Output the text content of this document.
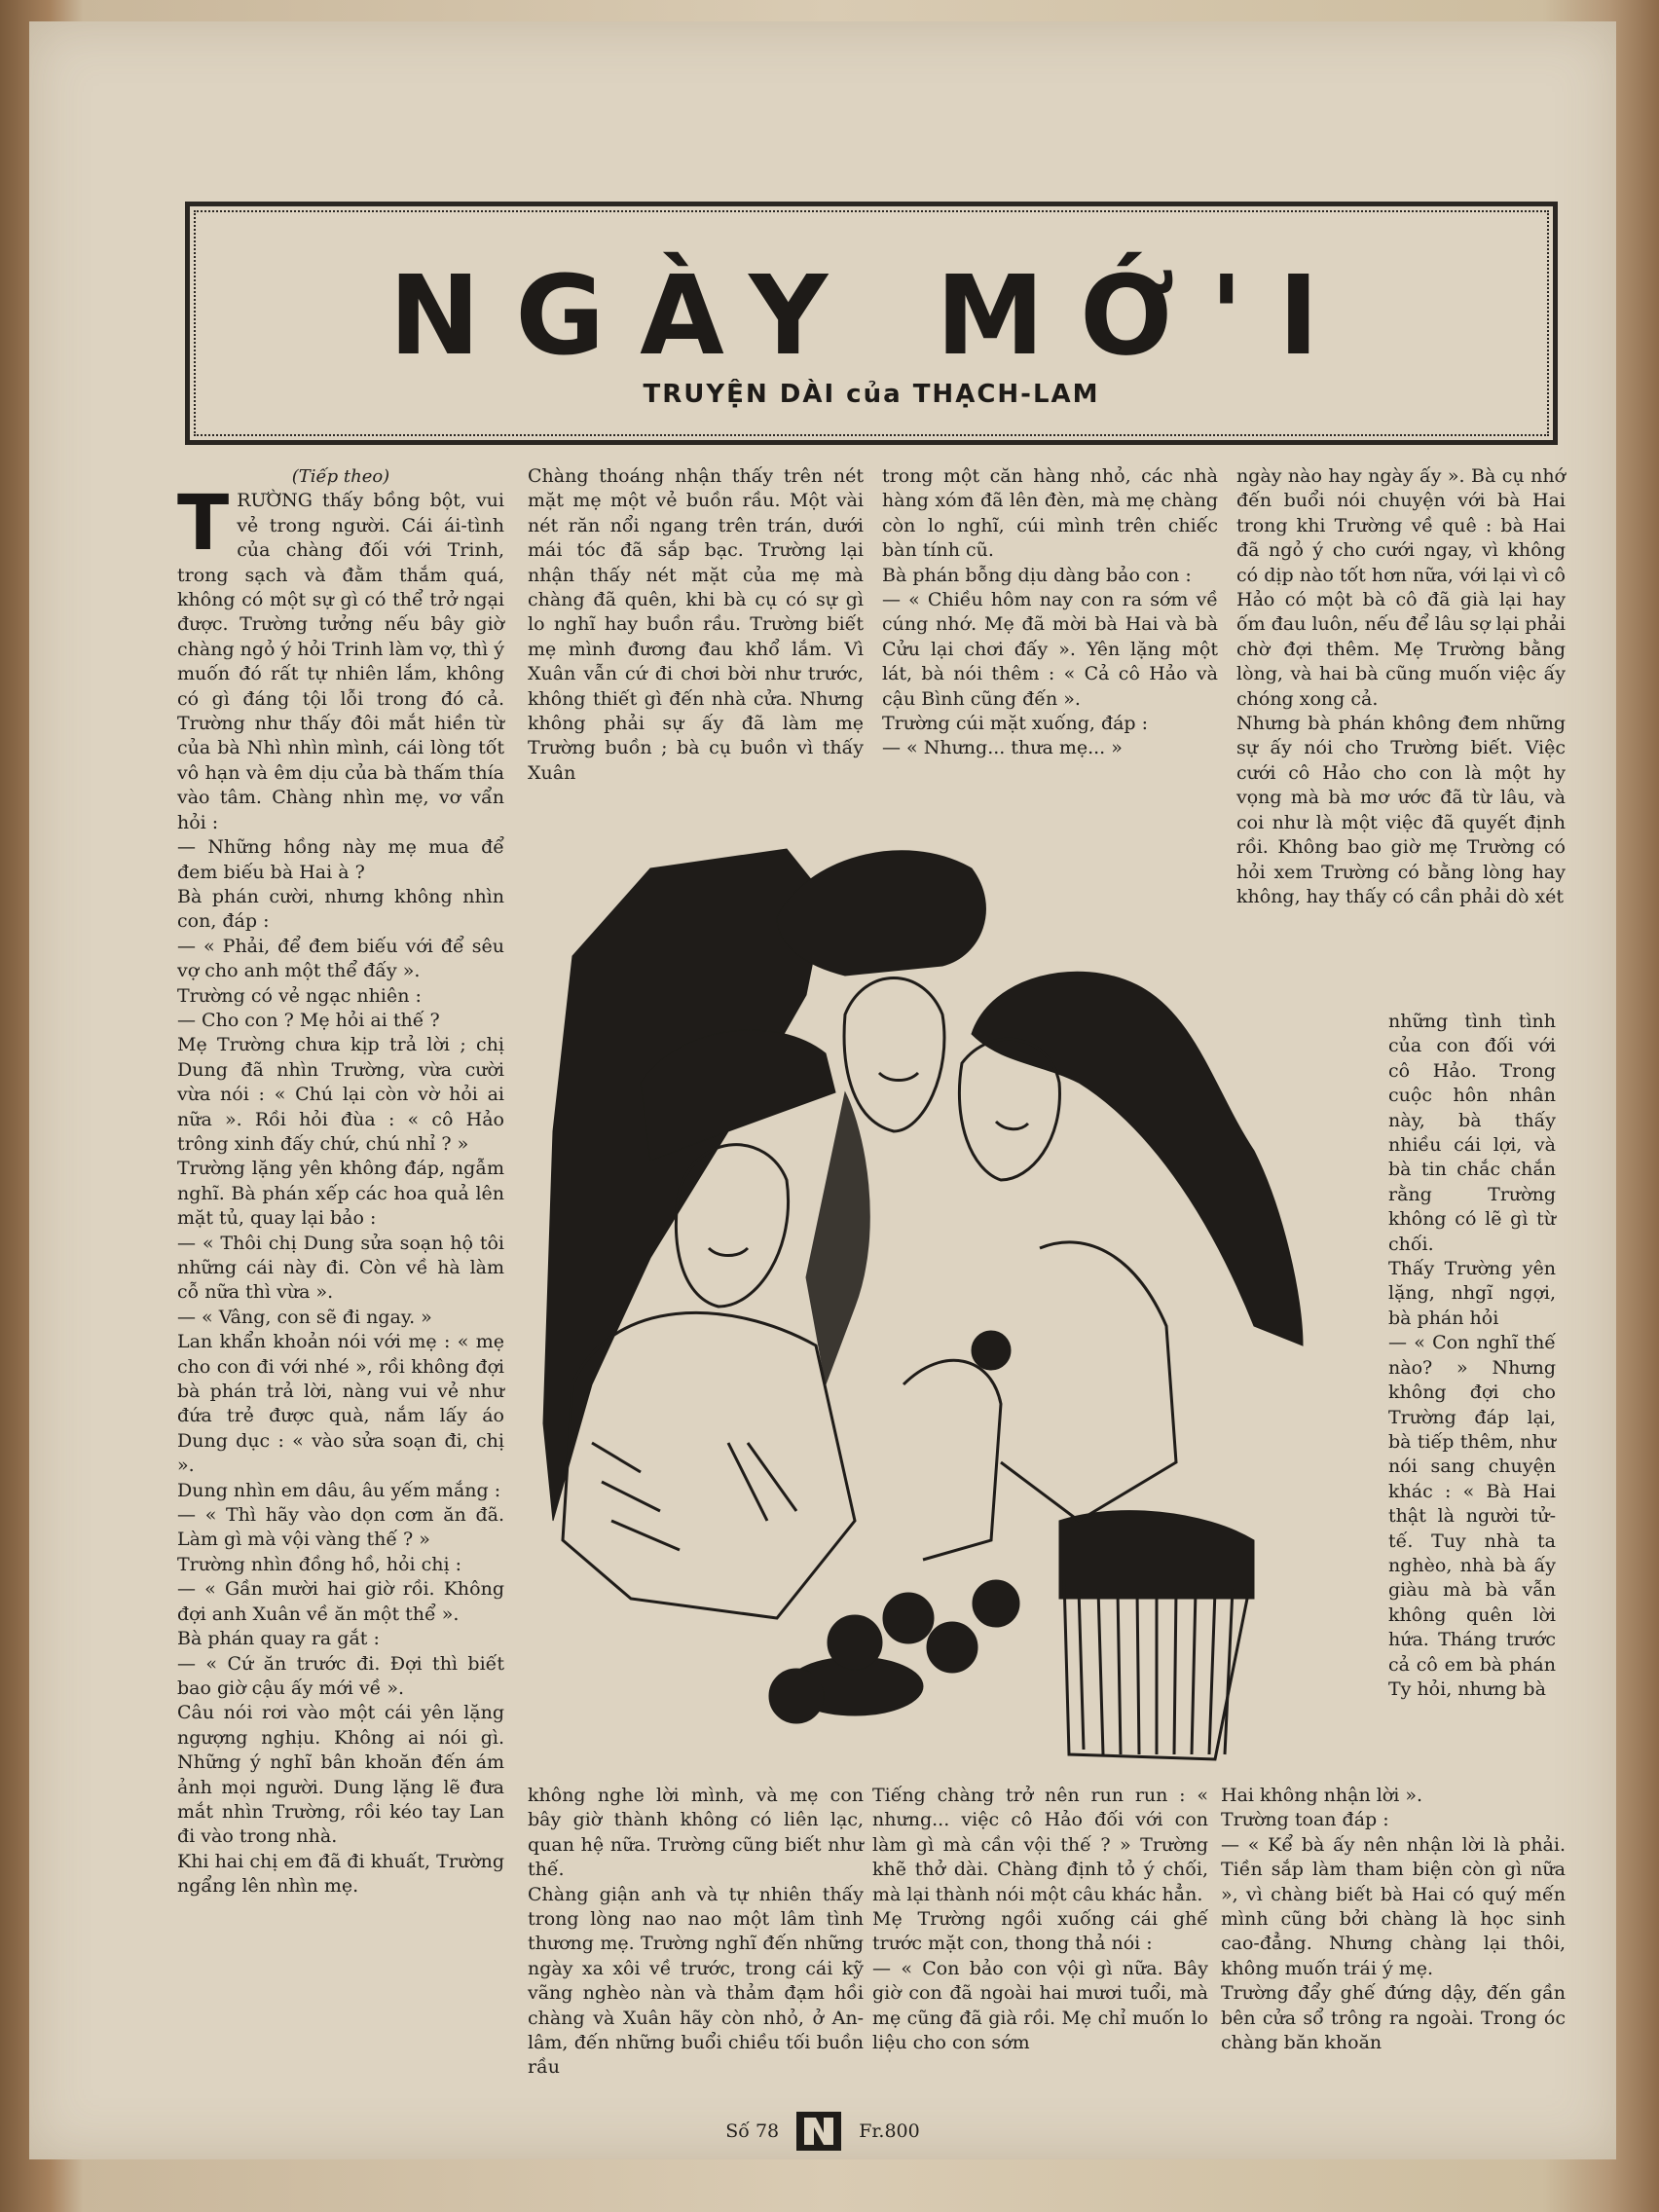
NGÀY MỚ'I
TRUYỆN DÀI của THẠCH-LAM

(Tiếp theo)

TRƯỜNG thấy bồng bột, vui vẻ trong người. Cái ái-tình của chàng đối với Trinh, trong sạch và đằm thắm quá, không có một sự gì có thể trở ngại được. Trường tưởng nếu bây giờ chàng ngỏ ý hỏi Trinh làm vợ, thì ý muốn đó rất tự nhiên lắm, không có gì đáng tội lỗi trong đó cả. Trường như thấy đôi mắt hiền từ của bà Nhì nhìn mình, cái lòng tốt vô hạn và êm dịu của bà thấm thía vào tâm. Chàng nhìn mẹ, vơ vẩn hỏi :

— Những hồng này mẹ mua để đem biếu bà Hai à ?

Bà phán cười, nhưng không nhìn con, đáp :

— « Phải, để đem biếu với để sêu vợ cho anh một thể đấy ».

Trường có vẻ ngạc nhiên :

— Cho con ? Mẹ hỏi ai thế ?

Mẹ Trường chưa kịp trả lời ; chị Dung đã nhìn Trường, vừa cười vừa nói : « Chú lại còn vờ hỏi ai nữa ». Rồi hỏi đùa : « cô Hảo trông xinh đấy chứ, chú nhỉ ? »

Trường lặng yên không đáp, ngẫm nghĩ. Bà phán xếp các hoa quả lên mặt tủ, quay lại bảo :

— « Thôi chị Dung sửa soạn hộ tôi những cái này đi. Còn về hà làm cỗ nữa thì vừa ».

— « Vâng, con sẽ đi ngay. »

Lan khẩn khoản nói với mẹ : « mẹ cho con đi với nhé », rồi không đợi bà phán trả lời, nàng vui vẻ như đứa trẻ được quà, nắm lấy áo Dung dục : « vào sửa soạn đi, chị ».

Dung nhìn em dâu, âu yếm mắng :

— « Thì hãy vào dọn cơm ăn đã. Làm gì mà vội vàng thế ? »

Trường nhìn đồng hồ, hỏi chị :

— « Gần mười hai giờ rồi. Không đợi anh Xuân về ăn một thể ».

Bà phán quay ra gắt :

— « Cứ ăn trước đi. Đợi thì biết bao giờ cậu ấy mới về ».

Câu nói rơi vào một cái yên lặng ngượng nghịu. Không ai nói gì. Những ý nghĩ bân khoăn đến ám ảnh mọi người. Dung lặng lẽ đưa mắt nhìn Trường, rồi kéo tay Lan đi vào trong nhà.

Khi hai chị em đã đi khuất, Trường ngẩng lên nhìn mẹ.

Chàng thoáng nhận thấy trên nét mặt mẹ một vẻ buồn rầu. Một vài nét răn nổi ngang trên trán, dưới mái tóc đã sắp bạc. Trường lại nhận thấy nét mặt của mẹ mà chàng đã quên, khi bà cụ có sự gì lo nghĩ hay buồn rầu. Trường biết mẹ mình đương đau khổ lắm. Vì Xuân vẫn cứ đi chơi bời như trước, không thiết gì đến nhà cửa. Nhưng không phải sự ấy đã làm mẹ Trường buồn ; bà cụ buồn vì thấy Xuân

trong một căn hàng nhỏ, các nhà hàng xóm đã lên đèn, mà mẹ chàng còn lo nghĩ, cúi mình trên chiếc bàn tính cũ.

Bà phán bỗng dịu dàng bảo con :

— « Chiều hôm nay con ra sớm về cúng nhớ. Mẹ đã mời bà Hai và bà Cửu lại chơi đấy ». Yên lặng một lát, bà nói thêm : « Cả cô Hảo và cậu Bình cũng đến ».

Trường cúi mặt xuống, đáp :

— « Nhưng... thưa mẹ... »

ngày nào hay ngày ấy ». Bà cụ nhớ đến buổi nói chuyện với bà Hai trong khi Trường về quê : bà Hai đã ngỏ ý cho cưới ngay, vì không có dịp nào tốt hơn nữa, với lại vì cô Hảo có một bà cô đã già lại hay ốm đau luôn, nếu để lâu sợ lại phải chờ đợi thêm. Mẹ Trường bằng lòng, và hai bà cũng muốn việc ấy chóng xong cả.

Nhưng bà phán không đem những sự ấy nói cho Trường biết. Việc cưới cô Hảo cho con là một hy vọng mà bà mơ ước đã từ lâu, và coi như là một việc đã quyết định rồi. Không bao giờ mẹ Trường có hỏi xem Trường có bằng lòng hay không, hay thấy có cần phải dò xét

những tình tình của con đối với cô Hảo. Trong cuộc hôn nhân này, bà thấy nhiều cái lợi, và bà tin chắc chắn rằng Trường không có lẽ gì từ chối.

Thấy Trường yên lặng, nhgĩ ngợi, bà phán hỏi

— « Con nghĩ thế nào? » Nhưng không đợi cho Trường đáp lại, bà tiếp thêm, như nói sang chuyện khác : « Bà Hai thật là người tử-tế. Tuy nhà ta nghèo, nhà bà ấy giàu mà bà vẫn không quên lời hứa. Tháng trước cả cô em bà phán Ty hỏi, nhưng bà

không nghe lời mình, và mẹ con bây giờ thành không có liên lạc, quan hệ nữa. Trường cũng biết như thế.

Chàng giận anh và tự nhiên thấy trong lòng nao nao một lâm tình thương mẹ. Trường nghĩ đến những ngày xa xôi về trước, trong cái kỹ vãng nghèo nàn và thảm đạm hồi chàng và Xuân hãy còn nhỏ, ở An-lâm, đến những buổi chiều tối buồn rầu

Tiếng chàng trở nên run run : « nhưng... việc cô Hảo đối với con làm gì mà cần vội thế ? » Trường khẽ thở dài. Chàng định tỏ ý chối, mà lại thành nói một câu khác hẳn.

Mẹ Trường ngồi xuống cái ghế trước mặt con, thong thả nói :

— « Con bảo con vội gì nữa. Bây giờ con đã ngoài hai mươi tuổi, mà mẹ cũng đã già rồi. Mẹ chỉ muốn lo liệu cho con sớm

Hai không nhận lời ».

Trường toan đáp :

— « Kể bà ấy nên nhận lời là phải. Tiền sắp làm tham biện còn gì nữa », vì chàng biết bà Hai có quý mến mình cũng bởi chàng là học sinh cao-đẳng. Nhưng chàng lại thôi, không muốn trái ý mẹ.

Trường đẩy ghế đứng dậy, đến gần bên cửa sổ trông ra ngoài. Trong óc chàng băn khoăn

Số 78	Fr.800
